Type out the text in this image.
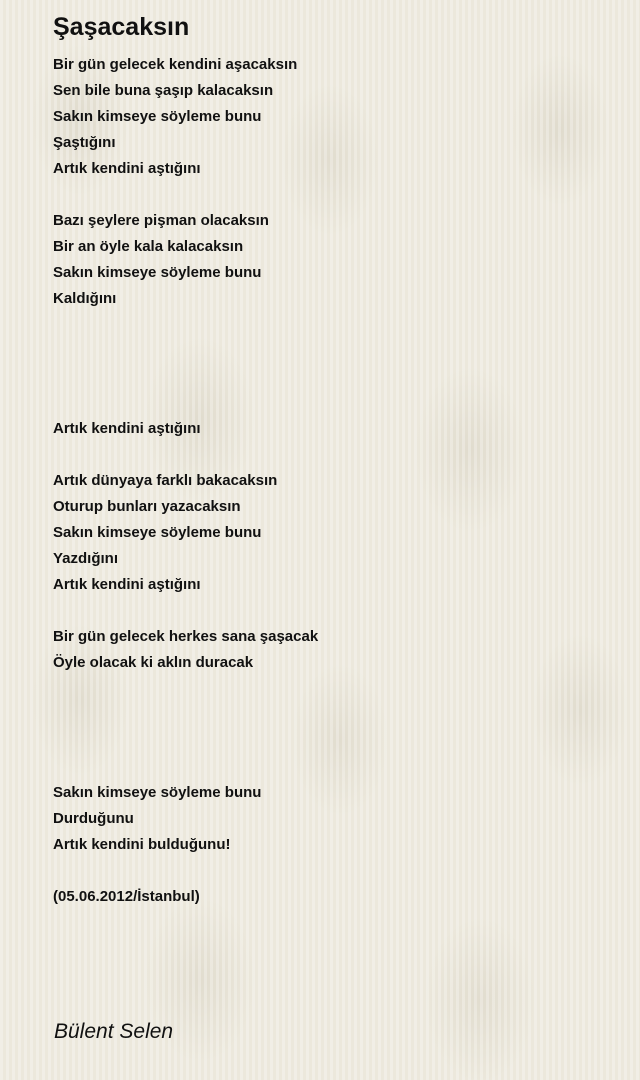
Şaşacaksın
Bir gün gelecek kendini aşacaksın
Sen bile buna şaşıp kalacaksın
Sakın kimseye söyleme bunu
Şaştığını
Artık kendini aştığını
Bazı şeylere pişman olacaksın
Bir an öyle kala kalacaksın
Sakın kimseye söyleme bunu
Kaldığını
Artık kendini aştığını
Artık dünyaya farklı bakacaksın
Oturup bunları yazacaksın
Sakın kimseye söyleme bunu
Yazdığını
Artık kendini aştığını
Bir gün gelecek herkes sana şaşacak
Öyle olacak ki aklın duracak
Sakın kimseye söyleme bunu
Durduğunu
Artık kendini bulduğunu!
(05.06.2012/İstanbul)
Bülent Selen
